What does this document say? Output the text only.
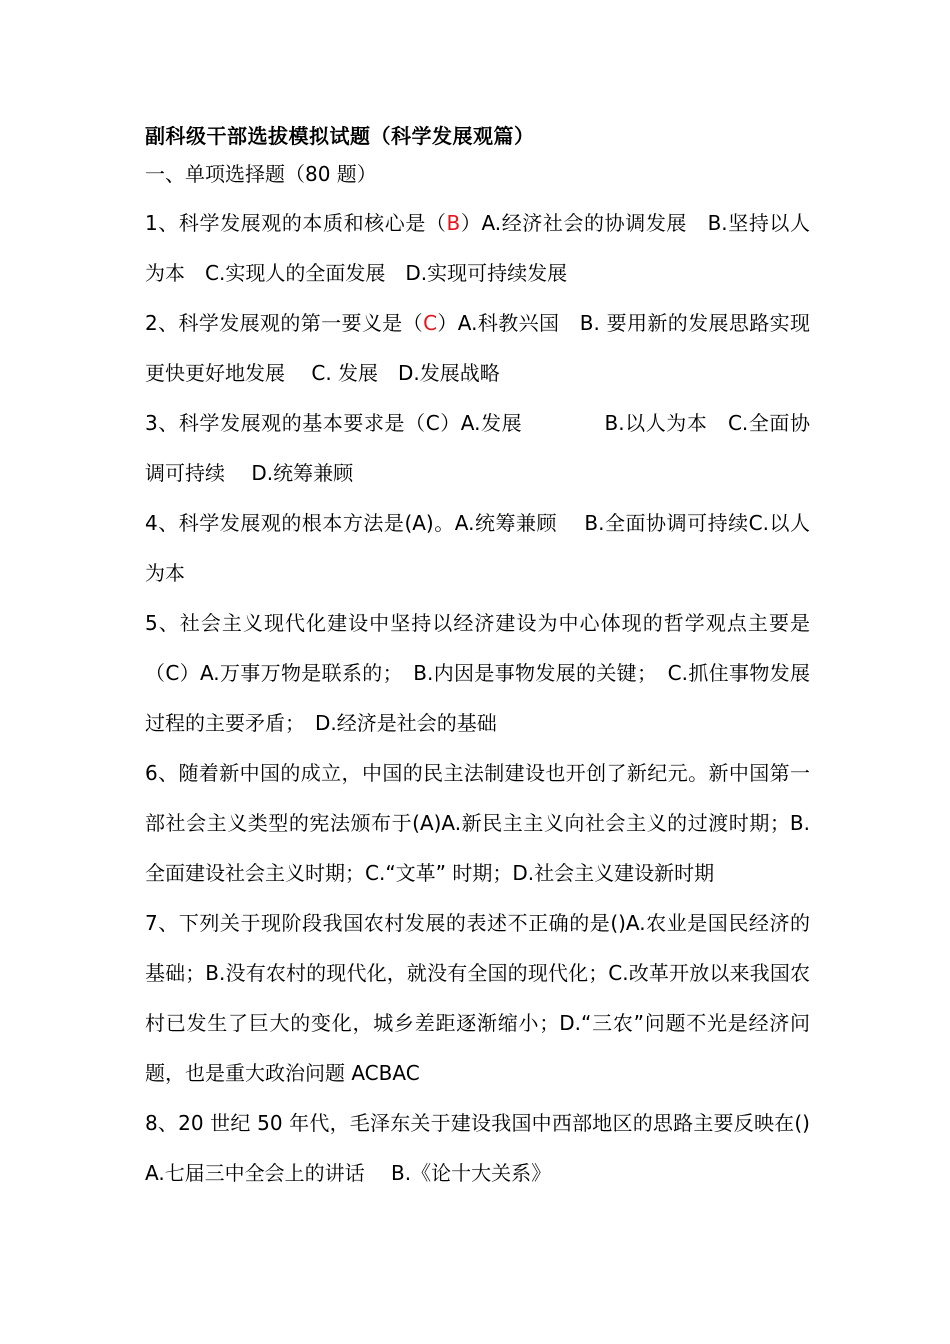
副科级干部选拔模拟试题（科学发展观篇）
一、单项选择题（80 题）

1、科学发展观的本质和核心是（B）A.经济社会的协调发展　B.坚持以人为本　C.实现人的全面发展　D.实现可持续发展

2、科学发展观的第一要义是（C）A.科教兴国　B. 要用新的发展思路实现更快更好地发展　 C. 发展　D.发展战略

3、科学发展观的基本要求是（C）A.发展　　　　B.以人为本　C.全面协调可持续　 D.统筹兼顾

4、科学发展观的根本方法是(A)。A.统筹兼顾　 B.全面协调可持续C.以人为本

5、社会主义现代化建设中坚持以经济建设为中心体现的哲学观点主要是（C）A.万事万物是联系的；　B.内因是事物发展的关键；　C.抓住事物发展过程的主要矛盾；　D.经济是社会的基础

6、随着新中国的成立，中国的民主法制建设也开创了新纪元。新中国第一部社会主义类型的宪法颁布于(A)A.新民主主义向社会主义的过渡时期；B.全面建设社会主义时期；C.“文革” 时期；D.社会主义建设新时期

7、下列关于现阶段我国农村发展的表述不正确的是()A.农业是国民经济的基础；B.没有农村的现代化，就没有全国的现代化；C.改革开放以来我国农村已发生了巨大的变化，城乡差距逐渐缩小；D.“三农”问题不光是经济问题，也是重大政治问题 ACBAC

8、20 世纪 50 年代，毛泽东关于建设我国中西部地区的思路主要反映在()A.七届三中全会上的讲话　 B.《论十大关系》
